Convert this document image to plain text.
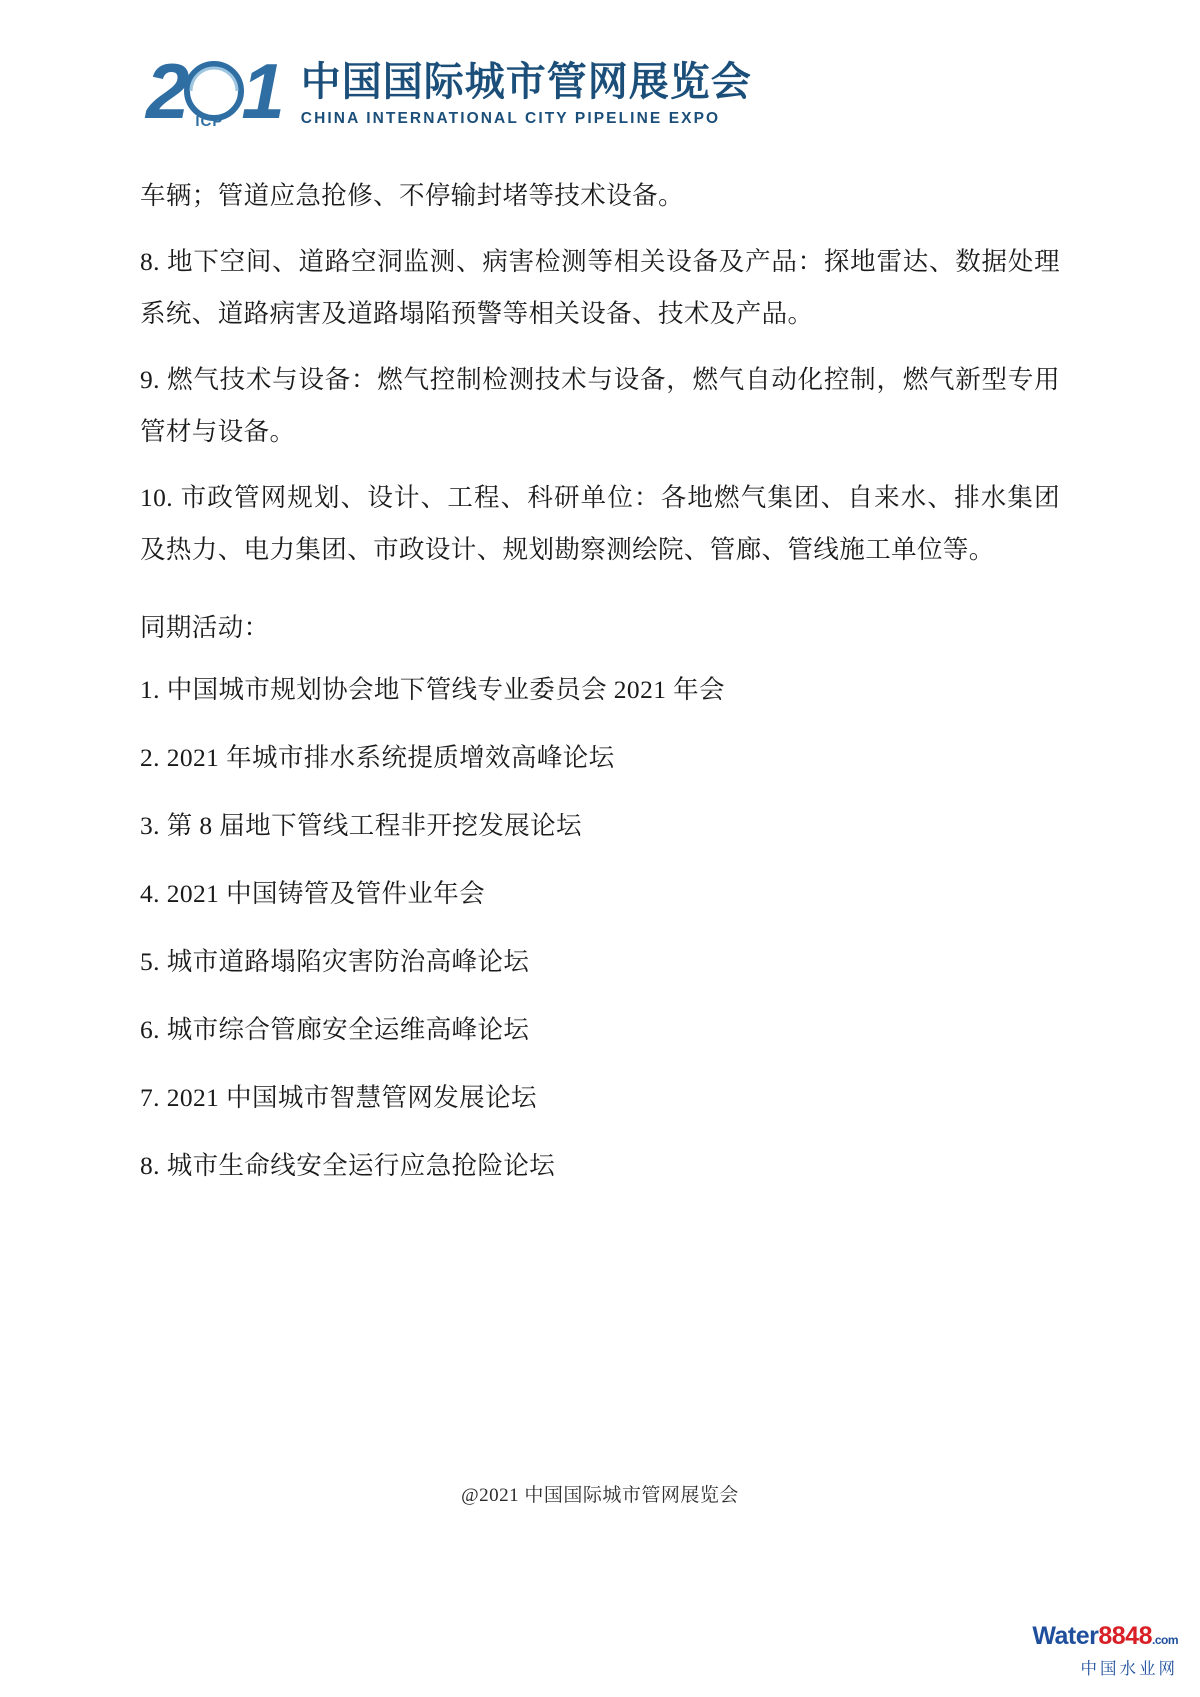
2 ICP 1 中国国际城市管网展览会
CHINA INTERNATIONAL CITY PIPELINE EXPO

车辆；管道应急抢修、不停输封堵等技术设备。

8. 地下空间、道路空洞监测、病害检测等相关设备及产品：探地雷达、数据处理系统、道路病害及道路塌陷预警等相关设备、技术及产品。

9. 燃气技术与设备：燃气控制检测技术与设备，燃气自动化控制，燃气新型专用管材与设备。

10. 市政管网规划、设计、工程、科研单位：各地燃气集团、自来水、排水集团及热力、电力集团、市政设计、规划勘察测绘院、管廊、管线施工单位等。

同期活动：
1. 中国城市规划协会地下管线专业委员会 2021 年会
2. 2021 年城市排水系统提质增效高峰论坛
3. 第 8 届地下管线工程非开挖发展论坛
4. 2021 中国铸管及管件业年会
5. 城市道路塌陷灾害防治高峰论坛
6. 城市综合管廊安全运维高峰论坛
7. 2021 中国城市智慧管网发展论坛
8. 城市生命线安全运行应急抢险论坛
@2021 中国国际城市管网展览会
Water8848.com
中国水业网
